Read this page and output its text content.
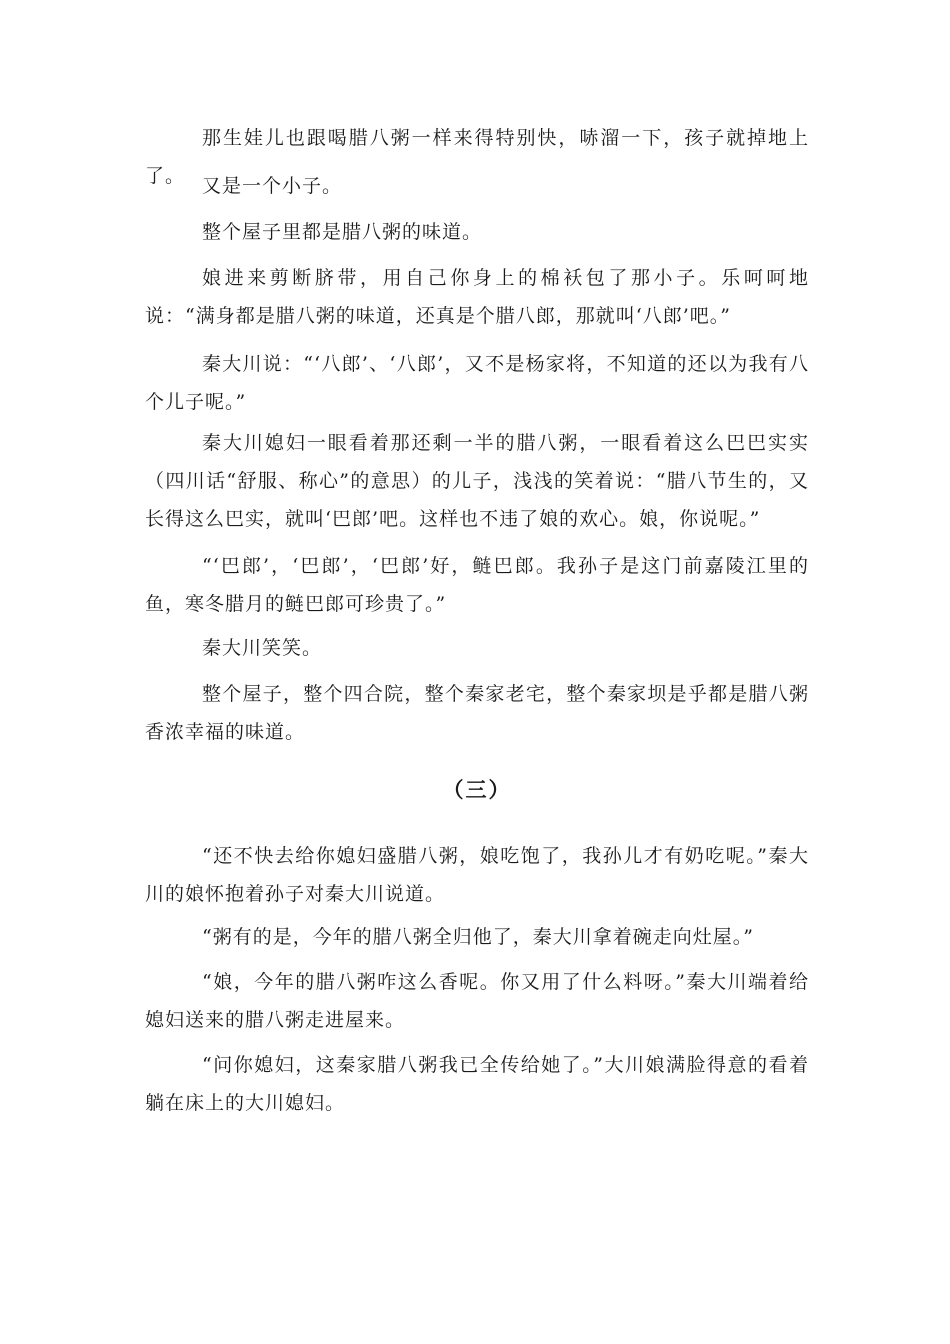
那生娃儿也跟喝腊八粥一样来得特别快，哧溜一下，孩子就掉地上了。 又是一个小子。

整个屋子里都是腊八粥的味道。

娘进来剪断脐带，用自己你身上的棉袄包了那小子。乐呵呵地说：“满身都是腊八粥的味道，还真是个腊八郎，那就叫‘八郎’吧。”

秦大川说：“‘八郎’、‘八郎’，又不是杨家将，不知道的还以为我有八个儿子呢。”

秦大川媳妇一眼看着那还剩一半的腊八粥，一眼看着这么巴巴实实（四川话“舒服、称心”的意思）的儿子，浅浅的笑着说：“腊八节生的，又长得这么巴实，就叫‘巴郎’吧。这样也不违了娘的欢心。娘，你说呢。”

“‘巴郎’，‘巴郎’，‘巴郎’好，鲢巴郎。我孙子是这门前嘉陵江里的鱼，寒冬腊月的鲢巴郎可珍贵了。”

秦大川笑笑。

整个屋子，整个四合院，整个秦家老宅，整个秦家坝是乎都是腊八粥香浓幸福的味道。

（三）

“还不快去给你媳妇盛腊八粥，娘吃饱了，我孙儿才有奶吃呢。”秦大川的娘怀抱着孙子对秦大川说道。

“粥有的是，今年的腊八粥全归他了，秦大川拿着碗走向灶屋。”

“娘，今年的腊八粥咋这么香呢。你又用了什么料呀。”秦大川端着给媳妇送来的腊八粥走进屋来。

“问你媳妇，这秦家腊八粥我已全传给她了。”大川娘满脸得意的看着躺在床上的大川媳妇。
